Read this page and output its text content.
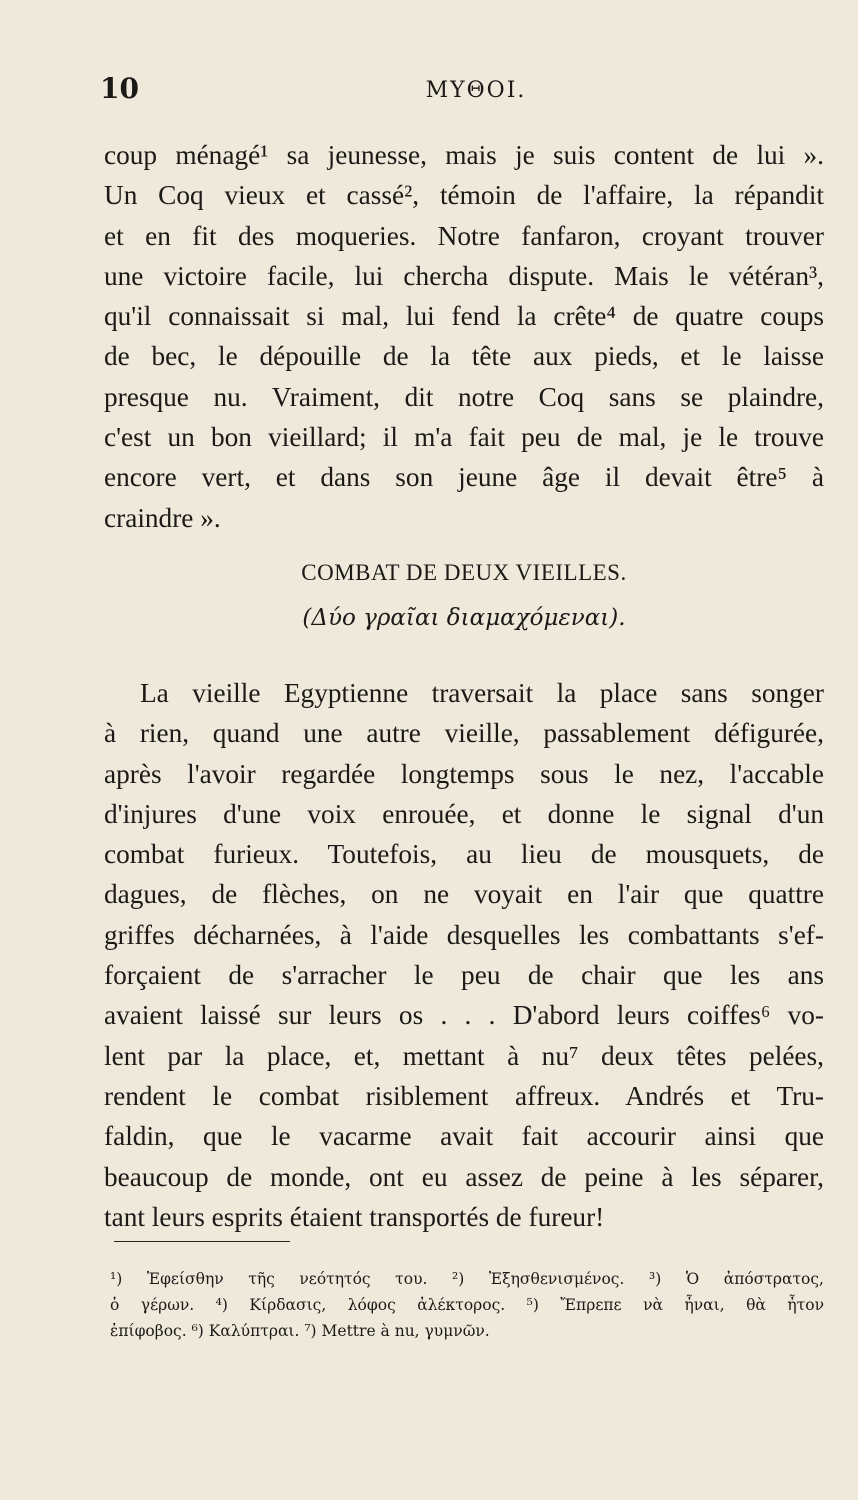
10	ΜΥΘΟΙ.
coup ménagé¹ sa jeunesse, mais je suis content de lui ».
Un Coq vieux et cassé², témoin de l'affaire, la répandit
et en fit des moqueries. Notre fanfaron, croyant trouver
une victoire facile, lui chercha dispute. Mais le vétéran³,
qu'il connaissait si mal, lui fend la crête⁴ de quatre coups
de bec, le dépouille de la tête aux pieds, et le laisse
presque nu. Vraiment, dit notre Coq sans se plaindre,
c'est un bon vieillard; il m'a fait peu de mal, je le trouve
encore vert, et dans son jeune âge il devait être⁵ à
craindre ».
COMBAT DE DEUX VIEILLES.
(Δύο γραῖαι διαμαχόμεναι).
La vieille Egyptienne traversait la place sans songer
à rien, quand une autre vieille, passablement défigurée,
après l'avoir regardée longtemps sous le nez, l'accable
d'injures d'une voix enrouée, et donne le signal d'un
combat furieux. Toutefois, au lieu de mousquets, de
dagues, de flèches, on ne voyait en l'air que quattre
griffes décharnées, à l'aide desquelles les combattants s'ef-
forçaient de s'arracher le peu de chair que les ans
avaient laissé sur leurs os . . . D'abord leurs coiffes⁶ vo-
lent par la place, et, mettant à nu⁷ deux têtes pelées,
rendent le combat risiblement affreux. Andrés et Tru-
faldin, que le vacarme avait fait accourir ainsi que
beaucoup de monde, ont eu assez de peine à les séparer,
tant leurs esprits étaient transportés de fureur!
¹) Ἐφείσθην τῆς νεότητός του. ²) Ἐξησθενισμένος. ³) Ὁ ἀπόστρατος,
ὁ γέρων. ⁴) Κίρδασις, λόφος ἀλέκτορος. ⁵) Ἔπρεπε νὰ ἦναι, θὰ ἦτον
ἐπίφοβος. ⁶) Καλύπτραι. ⁷) Mettre à nu, γυμνῶν.
